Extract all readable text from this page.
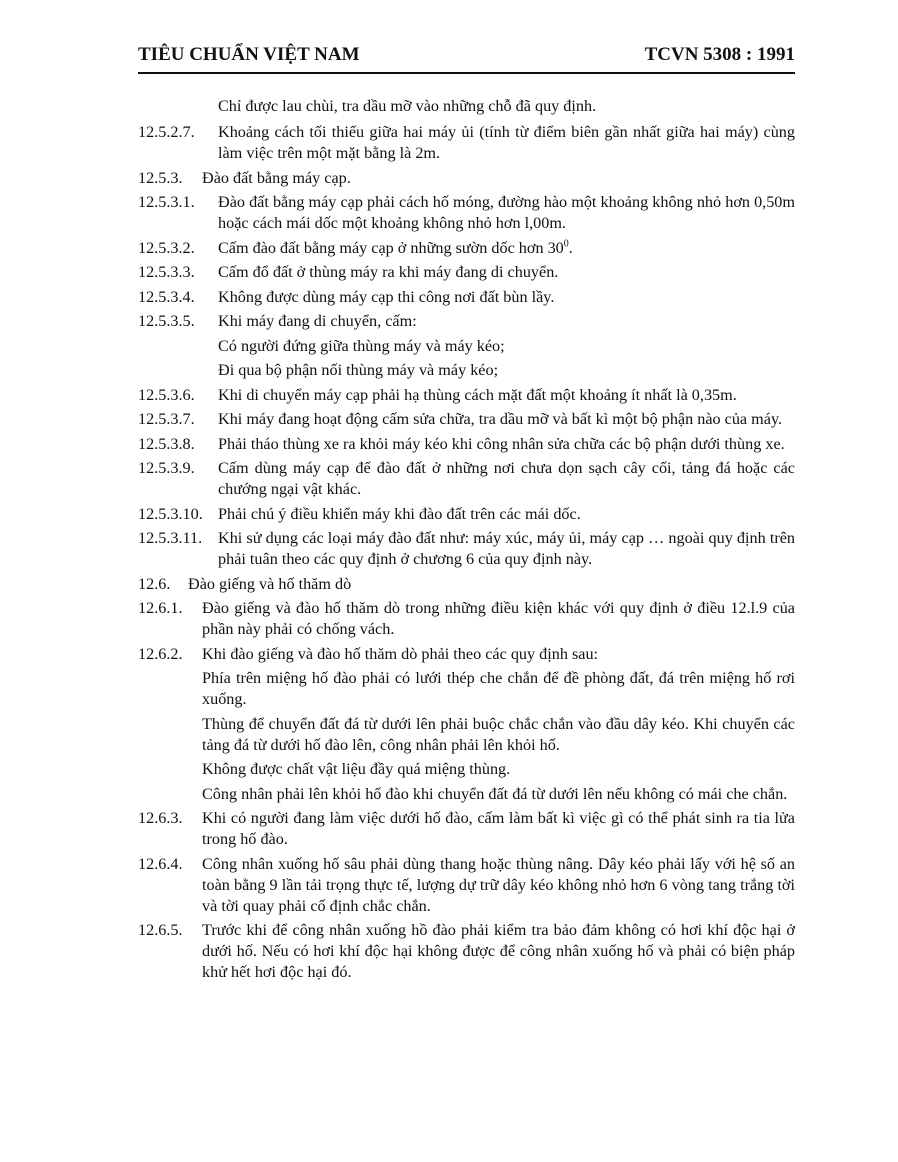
TIÊU CHUẨN VIỆT NAM	TCVN 5308 : 1991
Chỉ được lau chùi, tra dầu mỡ vào những chỗ đã quy định.
12.5.2.7.	Khoảng cách tối thiểu giữa hai máy ủi (tính từ điểm biên gần nhất giữa hai máy) cùng làm việc trên một mặt bằng là 2m.
12.5.3.	Đào đất bằng máy cạp.
12.5.3.1.	Đào đất bằng máy cạp phải cách hố móng, đường hào một khoảng không nhỏ hơn 0,50m hoặc cách mái dốc một khoảng không nhỏ hơn l,00m.
12.5.3.2.	Cấm đào đất bằng máy cạp ở những sườn dốc hơn $30^0$.
12.5.3.3.	Cấm đổ đất ở thùng máy ra khi máy đang di chuyển.
12.5.3.4.	Không được dùng máy cạp thi công nơi đất bùn lầy.
12.5.3.5.	Khi máy đang di chuyển, cấm:
Có người đứng giữa thùng máy và máy kéo;
Đi qua bộ phận nối thùng máy và máy kéo;
12.5.3.6.	Khi di chuyển máy cạp phải hạ thùng cách mặt đất một khoảng ít nhất là 0,35m.
12.5.3.7.	Khi máy đang hoạt động cấm sửa chữa, tra dầu mỡ và bất kì một bộ phận nào của máy.
12.5.3.8.	Phải tháo thùng xe ra khỏi máy kéo khi công nhân sửa chữa các bộ phận dưới thùng xe.
12.5.3.9.	Cấm dùng máy cạp để đào đất ở những nơi chưa dọn sạch cây cối, tảng đá hoặc các chướng ngại vật khác.
12.5.3.10. Phải chú ý điều khiển máy khi đào đất trên các mái dốc.
12.5.3.11. Khi sử dụng các loại máy đào đất như: máy xúc, máy ủi, máy cạp … ngoài quy định trên phải tuân theo các quy định ở chương 6 của quy định này.
12.6.	Đào giếng và hố thăm dò
12.6.1.	Đào giếng và đào hố thăm dò trong những điều kiện khác với quy định ở điều 12.l.9 của phần này phải có chống vách.
12.6.2.	Khi đào giếng và đào hố thăm dò phải theo các quy định sau:
Phía trên miệng hố đào phải có lưới thép che chắn để đề phòng đất, đá trên miệng hố rơi xuống.
Thùng để chuyển đất đá từ dưới lên phải buộc chắc chắn vào đầu dây kéo. Khi chuyển các tảng đá từ dưới hố đào lên, công nhân phải lên khỏi hố.
Không được chất vật liệu đầy quá miệng thùng.
Công nhân phải lên khỏi hố đào khi chuyển đất đá từ dưới lên nếu không có mái che chắn.
12.6.3.	Khi có người đang làm việc dưới hố đào, cấm làm bất kì việc gì có thể phát sinh ra tia lửa trong hố đào.
12.6.4.	Công nhân xuống hố sâu phải dùng thang hoặc thùng nâng. Dây kéo phải lấy với hệ số an toàn bằng 9 lần tải trọng thực tế, lượng dự trữ dây kéo không nhỏ hơn 6 vòng tang trắng tời và tời quay phải cố định chắc chắn.
12.6.5.	Trước khi để công nhân xuống hồ đào phải kiểm tra bảo đảm không có hơi khí độc hại ở dưới hố. Nếu có hơi khí độc hại không được để công nhân xuống hố và phải có biện pháp khử hết hơi độc hại đó.
